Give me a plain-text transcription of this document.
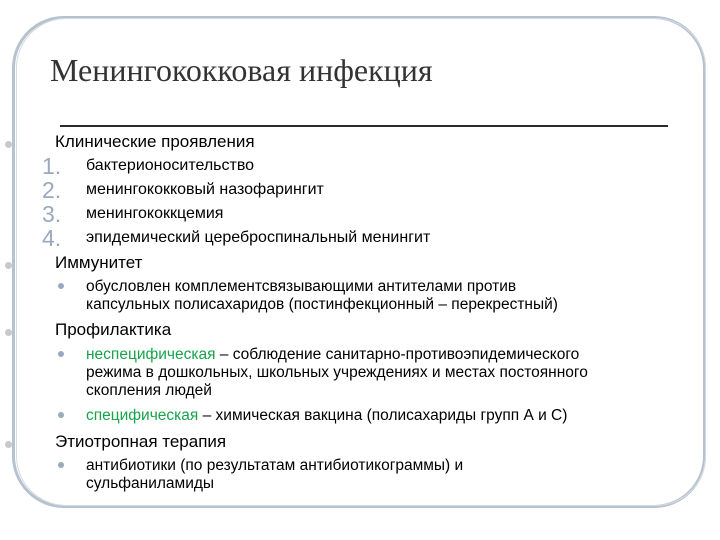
Менингококковая инфекция
Клинические проявления
1. бактерионосительство
2. менингококковый назофарингит
3. менингококкцемия
4. эпидемический цереброспинальный менингит
Иммунитет
обусловлен комплементсвязывающими антителами против
капсульных полисахаридов (постинфекционный – перекрестный)
Профилактика
неспецифическая – соблюдение санитарно-противоэпидемического
режима в дошкольных, школьных учреждениях и местах постоянного
скопления людей
специфическая – химическая вакцина (полисахариды групп А и С)
Этиотропная терапия
антибиотики (по результатам антибиотикограммы) и
сульфаниламиды
